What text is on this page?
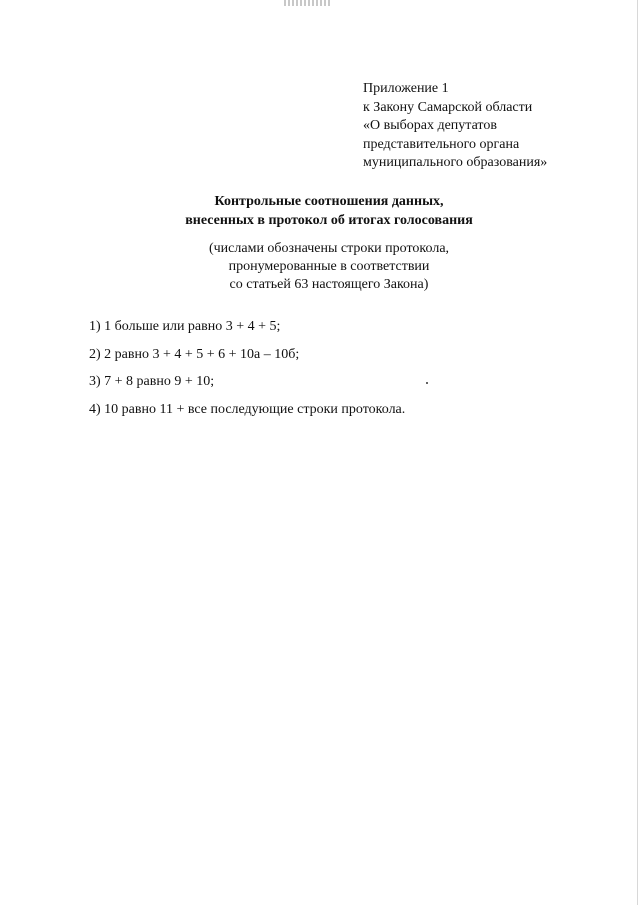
Приложение 1
к Закону Самарской области
«О выборах депутатов
представительного органа
муниципального образования»
Контрольные соотношения данных,
внесенных в протокол об итогах голосования
(числами обозначены строки протокола,
пронумерованные в соответствии
со статьей 63 настоящего Закона)
1) 1 больше или равно 3 + 4 + 5;
2) 2 равно 3 + 4 + 5 + 6 + 10а – 10б;
3) 7 + 8 равно 9 + 10;
4) 10 равно 11 + все последующие строки протокола.
